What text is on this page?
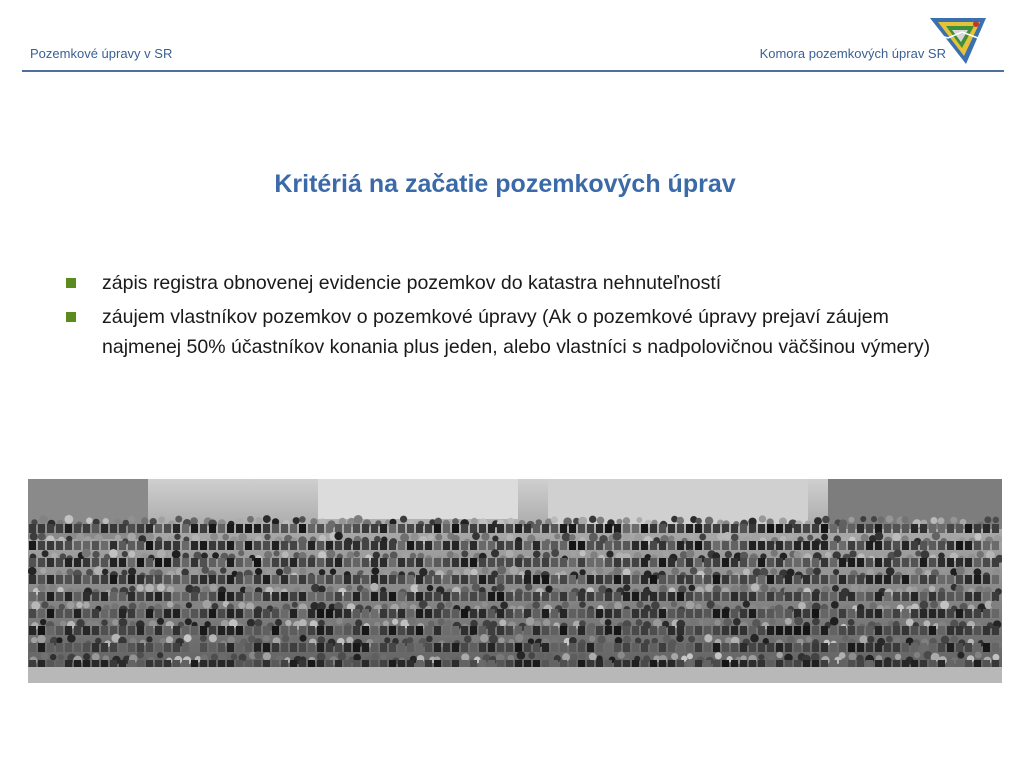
Pozemkové úpravy v SR	Komora pozemkových úprav SR
Kritériá na začatie pozemkových úprav
zápis registra obnovenej evidencie pozemkov do katastra nehnuteľností
záujem vlastníkov pozemkov o pozemkové úpravy (Ak o pozemkové úpravy prejaví záujem najmenej 50% účastníkov konania plus jeden, alebo vlastníci s nadpolovičnou väčšinou výmery)
